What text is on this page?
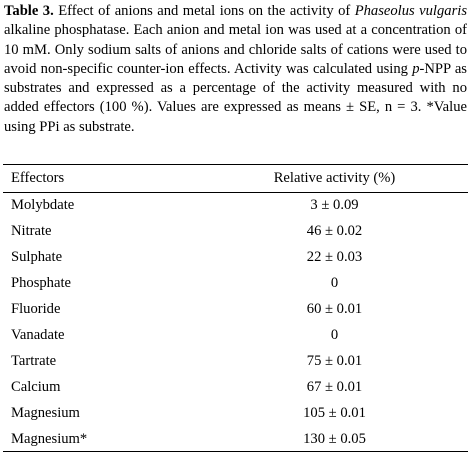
Table 3. Effect of anions and metal ions on the activity of Phaseolus vulgaris alkaline phosphatase. Each anion and metal ion was used at a concentration of 10 mM. Only sodium salts of anions and chloride salts of cations were used to avoid non-specific counter-ion effects. Activity was calculated using p-NPP as substrates and expressed as a percentage of the activity measured with no added effectors (100 %). Values are expressed as means ± SE, n = 3. *Value using PPi as substrate.
Effectors	Relative activity (%)
Molybdate	3 ± 0.09
Nitrate	46 ± 0.02
Sulphate	22 ± 0.03
Phosphate	0
Fluoride	60 ± 0.01
Vanadate	0
Tartrate	75 ± 0.01
Calcium	67 ± 0.01
Magnesium	105 ± 0.01
Magnesium*	130 ± 0.05
